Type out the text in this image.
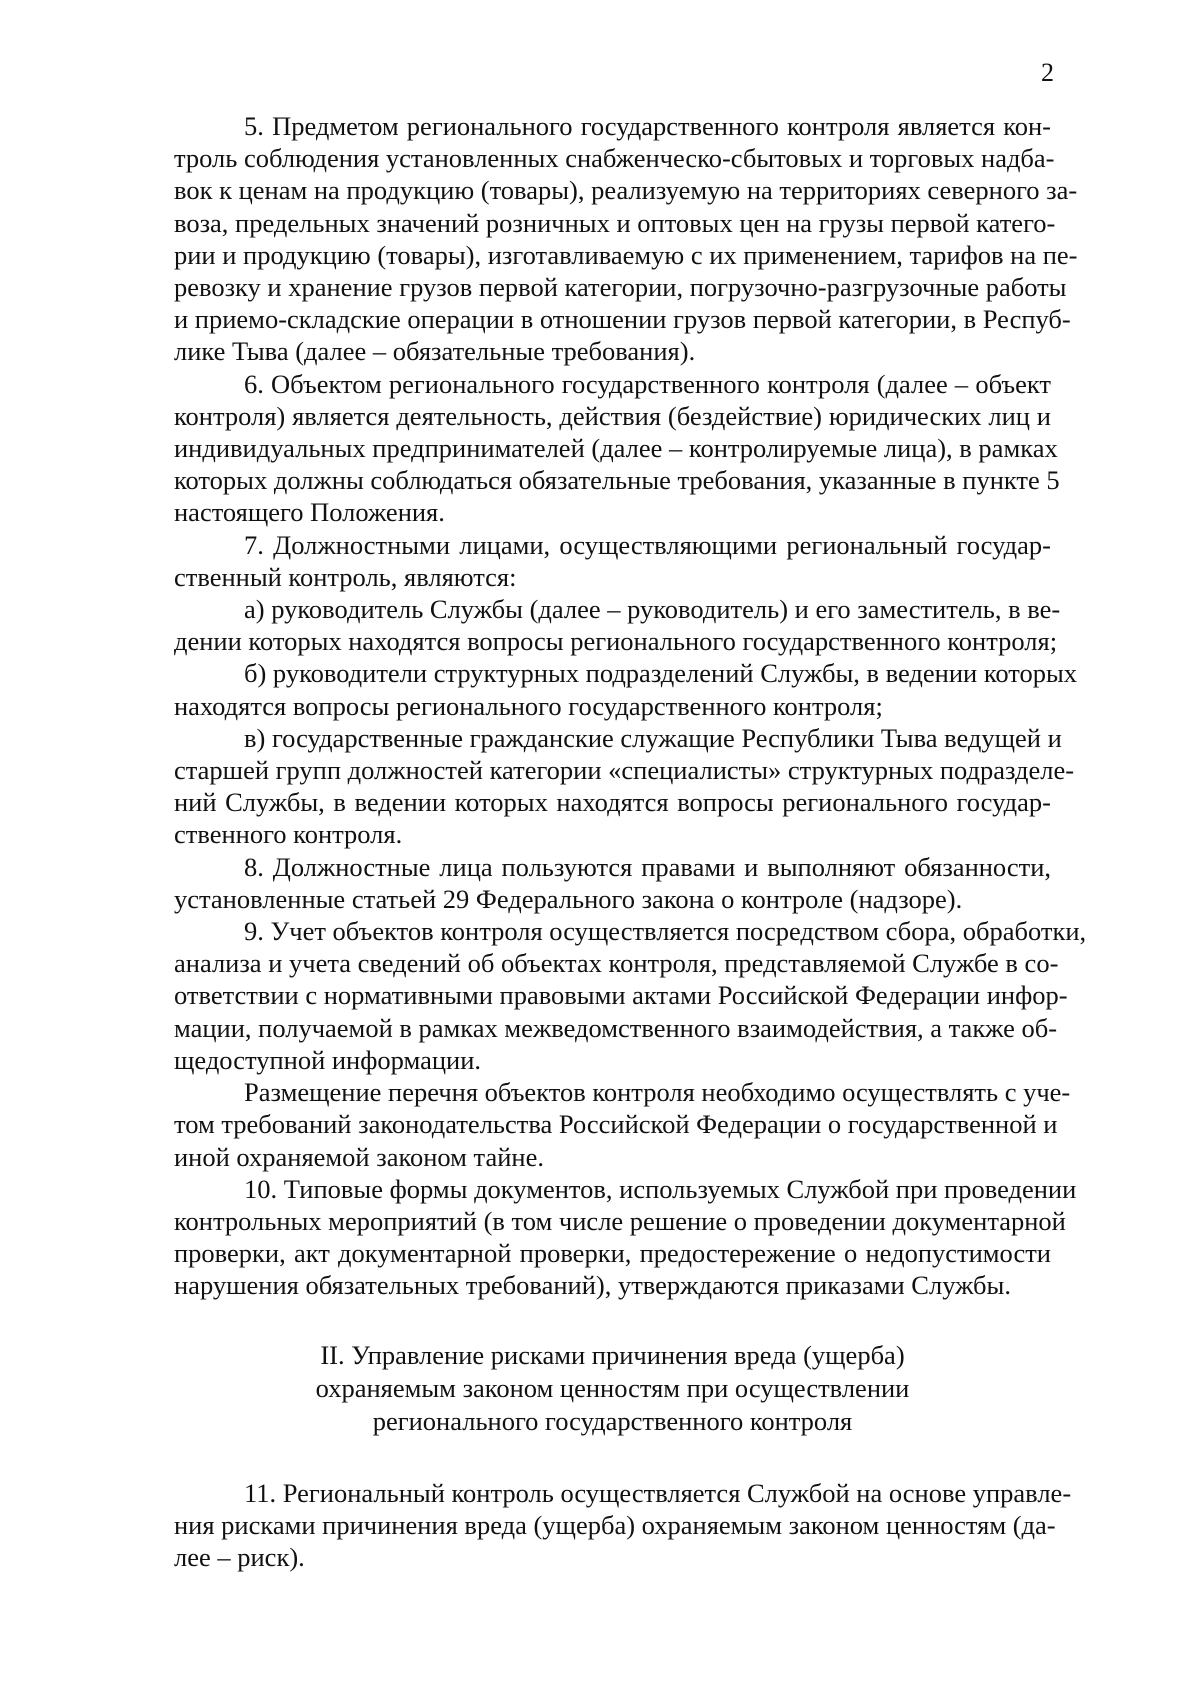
2

5. Предметом регионального государственного контроля является кон-
троль соблюдения установленных снабженческо-сбытовых и торговых надба-
вок к ценам на продукцию (товары), реализуемую на территориях северного за-
воза, предельных значений розничных и оптовых цен на грузы первой катего-
рии и продукцию (товары), изготавливаемую с их применением, тарифов на пе-
ревозку и хранение грузов первой категории, погрузочно-разгрузочные работы
и приемо-складские операции в отношении грузов первой категории, в Респуб-
лике Тыва (далее – обязательные требования).
6. Объектом регионального государственного контроля (далее – объект
контроля) является деятельность, действия (бездействие) юридических лиц и
индивидуальных предпринимателей (далее – контролируемые лица), в рамках
которых должны соблюдаться обязательные требования, указанные в пункте 5
настоящего Положения.
7. Должностными лицами, осуществляющими региональный государ-
ственный контроль, являются:
а) руководитель Службы (далее – руководитель) и его заместитель, в ве-
дении которых находятся вопросы регионального государственного контроля;
б) руководители структурных подразделений Службы, в ведении которых
находятся вопросы регионального государственного контроля;
в) государственные гражданские служащие Республики Тыва ведущей и
старшей групп должностей категории «специалисты» структурных подразделе-
ний Службы, в ведении которых находятся вопросы регионального государ-
ственного контроля.
8. Должностные лица пользуются правами и выполняют обязанности,
установленные статьей 29 Федерального закона о контроле (надзоре).
9. Учет объектов контроля осуществляется посредством сбора, обработки,
анализа и учета сведений об объектах контроля, представляемой Службе в со-
ответствии с нормативными правовыми актами Российской Федерации инфор-
мации, получаемой в рамках межведомственного взаимодействия, а также об-
щедоступной информации.
Размещение перечня объектов контроля необходимо осуществлять с уче-
том требований законодательства Российской Федерации о государственной и
иной охраняемой законом тайне.
10. Типовые формы документов, используемых Службой при проведении
контрольных мероприятий (в том числе решение о проведении документарной
проверки, акт документарной проверки, предостережение о недопустимости
нарушения обязательных требований), утверждаются приказами Службы.
II. Управление рисками причинения вреда (ущерба)
охраняемым законом ценностям при осуществлении
регионального государственного контроля
11. Региональный контроль осуществляется Службой на основе управле-
ния рисками причинения вреда (ущерба) охраняемым законом ценностям (да-
лее – риск).
